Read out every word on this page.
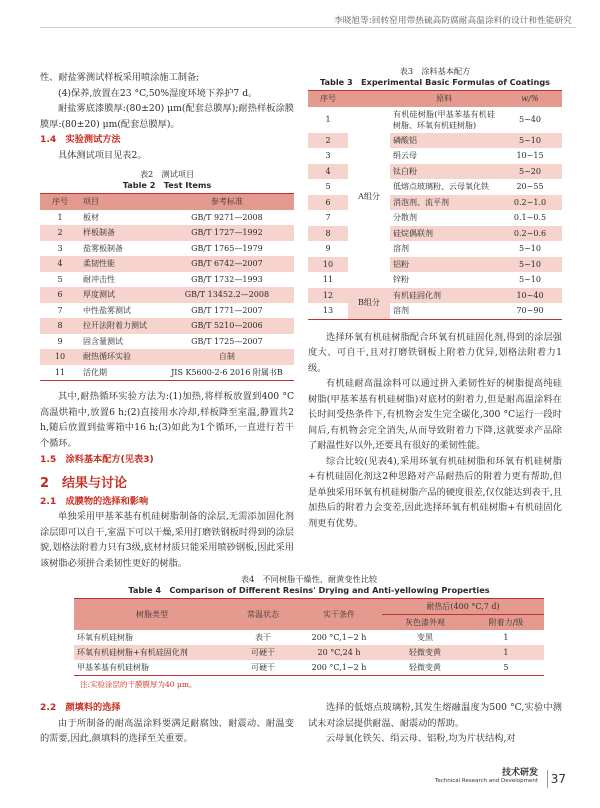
李晓旭等:回转窑用带热硫高防腐耐高温涂料的设计和性能研究

性、耐盐雾测试样板采用喷涂施工制备;

(4)保养,放置在23 °C,50%湿度环境下养护7 d。

耐盐雾底漆膜厚:(80±20) μm(配套总膜厚);耐热样板涂膜膜厚:(80±20) μm(配套总膜厚)。

1.4　实验测试方法

具体测试项目见表2。

表2　测试项目
Table 2　Test Items
序号	项目	参考标准
1	板材	GB/T 9271—2008
2	样板制备	GB/T 1727—1992
3	盐雾板制备	GB/T 1765—1979
4	柔韧性能	GB/T 6742—2007
5	耐冲击性	GB/T 1732—1993
6	厚度测试	GB/T 13452.2—2008
7	中性盐雾测试	GB/T 1771—2007
8	拉开法附着力测试	GB/T 5210—2006
9	固含量测试	GB/T 1725—2007
10	耐热循环实验	自制
11	活化期	JIS K5600-2-6 2016 附属书B

其中,耐热循环实验方法为:(1)加热,将样板放置到400 °C高温烘箱中,放置6 h;(2)直接用水冷却,样板降至室温,静置共2 h,随后放置到盐雾箱中16 h;(3)如此为1个循环,一直进行若干个循环。

1.5　涂料基本配方(见表3)

2　结果与讨论

2.1　成膜物的选择和影响

单独采用甲基苯基有机硅树脂制备的涂层,无需添加固化剂涂层即可以自干,室温下可以干燥,采用打磨铁钢板时得到的涂层貌,划格法附着力只有3级,底材材质只能采用喷砂钢板,因此采用该树脂必须拼合柔韧性更好的树脂。

表3　涂料基本配方
Table 3　Experimental Basic Formulas of Coatings
序号		原料	w/%
1	A组分	有机硅树脂(甲基苯基有机硅树脂、环氧有机硅树脂)	5~40
2		磷酸铝	5~10
3		绢云母	10~15
4		钛白粉	5~20
5		低熔点玻璃粉、云母氧化铁	20~55
6		消泡剂、流平剂	0.2~1.0
7		分散剂	0.1~0.5
8		硅烷偶联剂	0.2~0.6
9		溶剂	5~10
10		铝粉	5~10
11		锌粉	5~10
12	B组分	有机硅固化剂	10~40
13		溶剂	70~90

选择环氧有机硅树脂配合环氧有机硅固化剂,得到的涂层强度大、可自干,且对打磨铁钢板上附着力优异,划格法附着力1级。

有机硅耐高温涂料可以通过拼入柔韧性好的树脂提高纯硅树脂(甲基苯基有机硅树脂)对底材的附着力,但是耐高温涂料在长时间受热条件下,有机物会发生完全碳化,300 °C运行一段时间后,有机物会完全消失,从而导致附着力下降,这就要求产品除了耐温性好以外,还要具有很好的柔韧性能。

综合比较(见表4),采用环氧有机硅树脂和环氧有机硅树脂+有机硅固化剂这2种思路对产品耐热后的附着力更有帮助,但是单独采用环氧有机硅树脂产品的硬度很差,仅仅能达到表干,且加热后的附着力会变差,因此选择环氧有机硅树脂+有机硅固化剂更有优势。

表4　不同树脂干燥性、耐黄变性比较
Table 4　Comparison of Different Resins' Drying and Anti-yellowing Properties
树脂类型	常温状态	实干条件	耐热后(400 °C,7 d)	
			灰色漆外观	附着力/级
环氧有机硅树脂	表干	200 °C,1~2 h	变黑	1
环氧有机硅树脂+有机硅固化剂	可硬干	20 °C,24 h	轻微变黄	1
甲基苯基有机硅树脂	可硬干	200 °C,1~2 h	轻微变黄	5
注:实验涂层的干膜膜厚为40 μm。

2.2　颜填料的选择

由于所制备的耐高温涂料要满足耐腐蚀、耐震动、耐温变的需要,因此,颜填料的选择至关重要。

选择的低熔点玻璃粉,其发生熔融温度为500 °C,实验中测试未对涂层提供耐温、耐震动的帮助。

云母氧化铁矢、绢云母、铝粉,均为片状结构,对

技术研发
Technical Research and Development 37
